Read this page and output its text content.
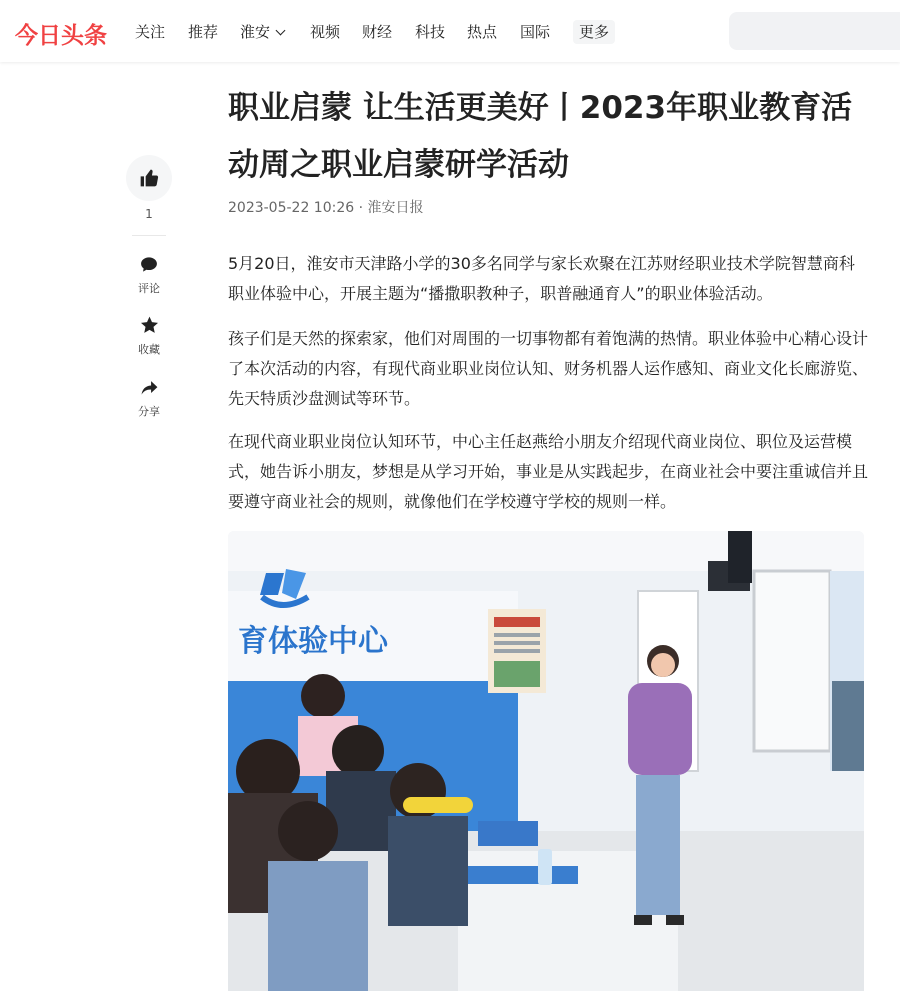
今日头条 关注 推荐 淮安	视频 财经 科技 热点 国际	更多
1
评论
收藏
分享
职业启蒙 让生活更美好丨2023年职业教育活动周之职业启蒙研学活动
2023-05-22 10:26 · 淮安日报

5月20日，淮安市天津路小学的30多名同学与家长欢聚在江苏财经职业技术学院智慧商科职业体验中心，开展主题为“播撒职教种子，职普融通育人”的职业体验活动。

孩子们是天然的探索家，他们对周围的一切事物都有着饱满的热情。职业体验中心精心设计了本次活动的内容，有现代商业职业岗位认知、财务机器人运作感知、商业文化长廊游览、先天特质沙盘测试等环节。

在现代商业职业岗位认知环节，中心主任赵燕给小朋友介绍现代商业岗位、职位及运营模式，她告诉小朋友，梦想是从学习开始，事业是从实践起步，在商业社会中要注重诚信并且要遵守商业社会的规则，就像他们在学校遵守学校的规则一样。

育体验中心
